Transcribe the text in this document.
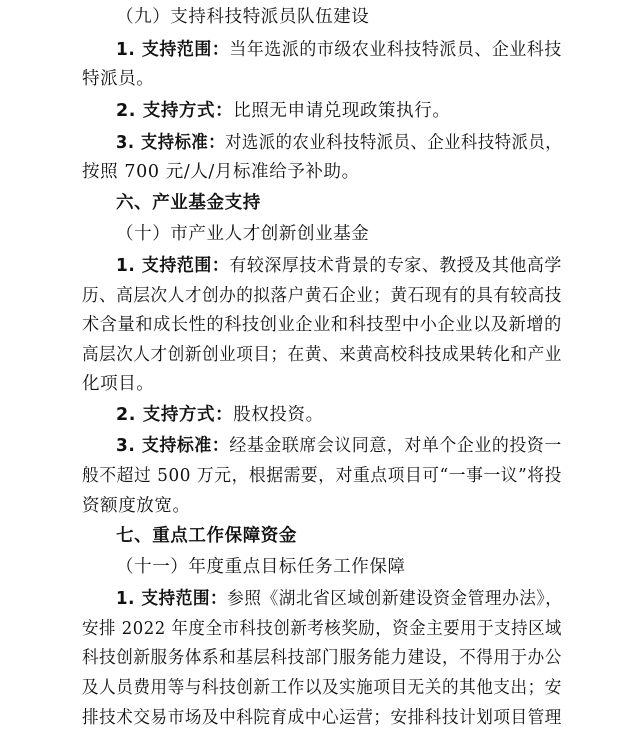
（九）支持科技特派员队伍建设
1. 支持范围：当年选派的市级农业科技特派员、企业科技
特派员。
2. 支持方式：比照无申请兑现政策执行。
3. 支持标准：对选派的农业科技特派员、企业科技特派员，
按照 700 元/人/月标准给予补助。
六、产业基金支持
（十）市产业人才创新创业基金
1. 支持范围：有较深厚技术背景的专家、教授及其他高学
历、高层次人才创办的拟落户黄石企业；黄石现有的具有较高技
术含量和成长性的科技创业企业和科技型中小企业以及新增的
高层次人才创新创业项目；在黄、来黄高校科技成果转化和产业
化项目。
2. 支持方式：股权投资。
3. 支持标准：经基金联席会议同意，对单个企业的投资一
般不超过 500 万元，根据需要，对重点项目可“一事一议”将投
资额度放宽。
七、重点工作保障资金
（十一）年度重点目标任务工作保障
1. 支持范围：参照《湖北省区域创新建设资金管理办法》，
安排 2022 年度全市科技创新考核奖励，资金主要用于支持区域
科技创新服务体系和基层科技部门服务能力建设，不得用于办公
及人员费用等与科技创新工作以及实施项目无关的其他支出；安
排技术交易市场及中科院育成中心运营；安排科技计划项目管理
